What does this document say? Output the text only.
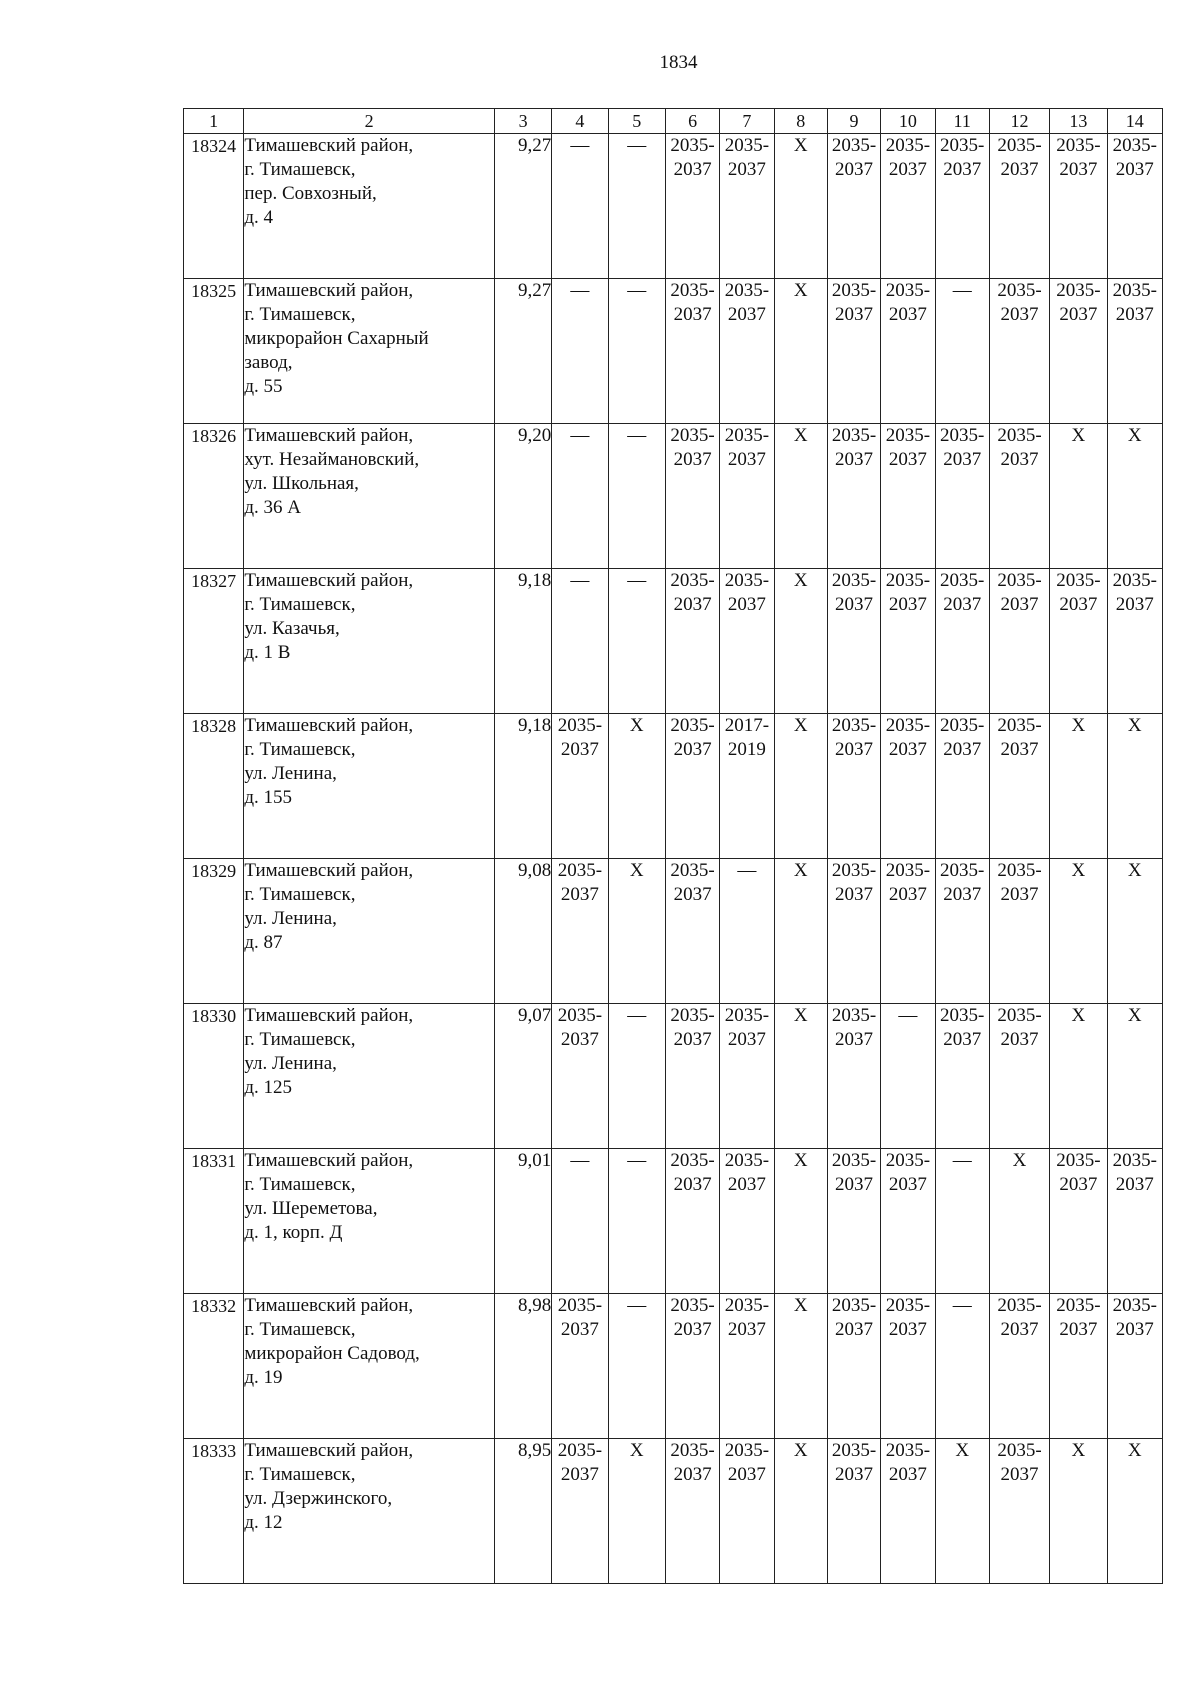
1834
1	2	3	4	5	6	7	8	9	10	11	12	13	14
18324	Тимашевский район,
г. Тимашевск,
пер. Совхозный,
д. 4	9,27	—	—	2035-
2037	2035-
2037	X	2035-
2037	2035-
2037	2035-
2037	2035-
2037	2035-
2037	2035-
2037
18325	Тимашевский район,
г. Тимашевск,
микрорайон Сахарный
завод,
д. 55	9,27	—	—	2035-
2037	2035-
2037	X	2035-
2037	2035-
2037	—	2035-
2037	2035-
2037	2035-
2037
18326	Тимашевский район,
хут. Незаймановский,
ул. Школьная,
д. 36 А	9,20	—	—	2035-
2037	2035-
2037	X	2035-
2037	2035-
2037	2035-
2037	2035-
2037	X	X
18327	Тимашевский район,
г. Тимашевск,
ул. Казачья,
д. 1 В	9,18	—	—	2035-
2037	2035-
2037	X	2035-
2037	2035-
2037	2035-
2037	2035-
2037	2035-
2037	2035-
2037
18328	Тимашевский район,
г. Тимашевск,
ул. Ленина,
д. 155	9,18	2035-
2037	X	2035-
2037	2017-
2019	X	2035-
2037	2035-
2037	2035-
2037	2035-
2037	X	X
18329	Тимашевский район,
г. Тимашевск,
ул. Ленина,
д. 87	9,08	2035-
2037	X	2035-
2037	—	X	2035-
2037	2035-
2037	2035-
2037	2035-
2037	X	X
18330	Тимашевский район,
г. Тимашевск,
ул. Ленина,
д. 125	9,07	2035-
2037	—	2035-
2037	2035-
2037	X	2035-
2037	—	2035-
2037	2035-
2037	X	X
18331	Тимашевский район,
г. Тимашевск,
ул. Шереметова,
д. 1, корп. Д	9,01	—	—	2035-
2037	2035-
2037	X	2035-
2037	2035-
2037	—	X	2035-
2037	2035-
2037
18332	Тимашевский район,
г. Тимашевск,
микрорайон Садовод,
д. 19	8,98	2035-
2037	—	2035-
2037	2035-
2037	X	2035-
2037	2035-
2037	—	2035-
2037	2035-
2037	2035-
2037
18333	Тимашевский район,
г. Тимашевск,
ул. Дзержинского,
д. 12	8,95	2035-
2037	X	2035-
2037	2035-
2037	X	2035-
2037	2035-
2037	X	2035-
2037	X	X
